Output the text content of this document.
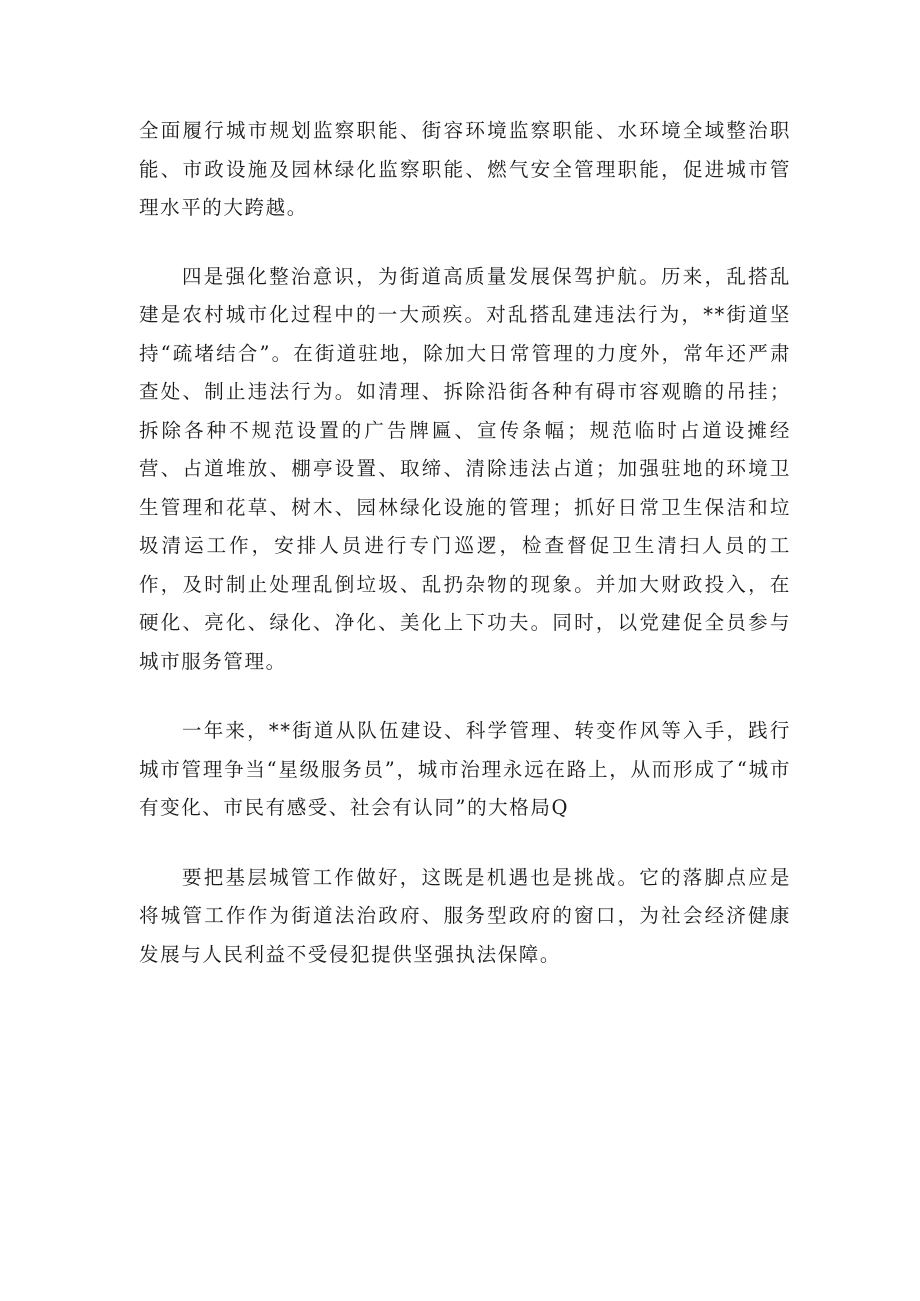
全面履行城市规划监察职能、街容环境监察职能、水环境全域整治职能、市政设施及园林绿化监察职能、燃气安全管理职能，促进城市管理水平的大跨越。

四是强化整治意识，为街道高质量发展保驾护航。历来，乱搭乱建是农村城市化过程中的一大顽疾。对乱搭乱建违法行为，**街道坚持“疏堵结合”。在街道驻地，除加大日常管理的力度外，常年还严肃查处、制止违法行为。如清理、拆除沿街各种有碍市容观瞻的吊挂；拆除各种不规范设置的广告牌匾、宣传条幅；规范临时占道设摊经营、占道堆放、棚亭设置、取缔、清除违法占道；加强驻地的环境卫生管理和花草、树木、园林绿化设施的管理；抓好日常卫生保洁和垃圾清运工作，安排人员进行专门巡逻，检查督促卫生清扫人员的工作，及时制止处理乱倒垃圾、乱扔杂物的现象。并加大财政投入，在硬化、亮化、绿化、净化、美化上下功夫。同时，以党建促全员参与城市服务管理。

一年来，**街道从队伍建设、科学管理、转变作风等入手，践行城市管理争当“星级服务员”，城市治理永远在路上，从而形成了“城市有变化、市民有感受、社会有认同”的大格局Q

要把基层城管工作做好，这既是机遇也是挑战。它的落脚点应是将城管工作作为街道法治政府、服务型政府的窗口，为社会经济健康发展与人民利益不受侵犯提供坚强执法保障。
